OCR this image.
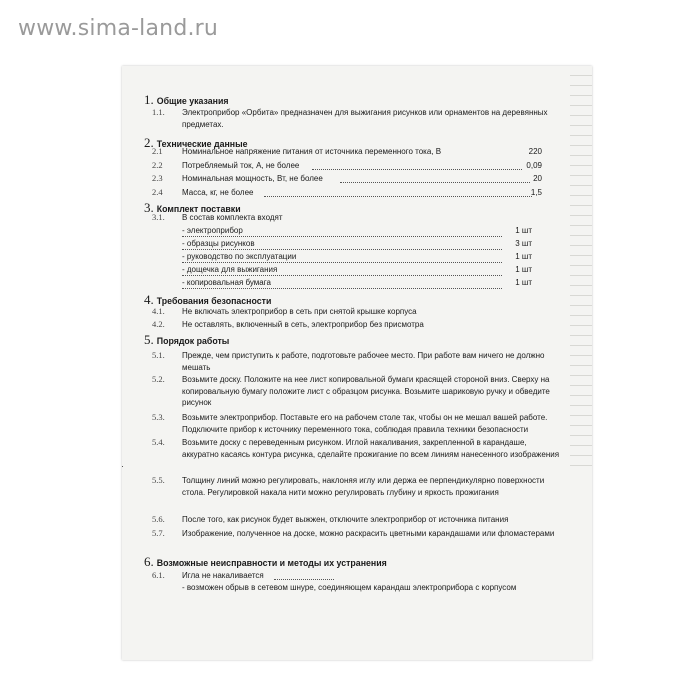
www.sima-land.ru
1. Общие указания
1.1. Электроприбор «Орбита» предназначен для выжигания рисунков или орнаментов на деревянных предметах.
2. Технические данные
2.1 Номинальное напряжение питания от источника переменного тока, В	220
2.2 Потребляемый ток, А, не более	0,09
2.3 Номинальная мощность, Вт, не более	20
2.4 Масса, кг, не более	1,5
3. Комплект поставки
3.1. В состав комплекта входят
- электроприбор	1 шт
- образцы рисунков	3 шт
- руководство по эксплуатации	1 шт
- дощечка для выжигания	1 шт
- копировальная бумага	1 шт
4. Требования безопасности
4.1. Не включать электроприбор в сеть при снятой крышке корпуса
4.2. Не оставлять, включенный в сеть, электроприбор без присмотра
5. Порядок работы
5.1. Прежде, чем приступить к работе, подготовьте рабочее место. При работе вам ничего не должно мешать
5.2. Возьмите доску. Положите на нее лист копировальной бумаги красящей стороной вниз. Сверху на копировальную бумагу положите лист с образцом рисунка. Возьмите шариковую ручку и обведите рисунок
5.3. Возьмите электроприбор. Поставьте его на рабочем столе так, чтобы он не мешал вашей работе. Подключите прибор к источнику переменного тока, соблюдая правила техники безопасности
5.4. Возьмите доску с переведенным рисунком. Иглой накаливания, закрепленной в карандаше, аккуратно касаясь контура рисунка, сделайте прожигание по всем линиям нанесенного изображения
5.5. Толщину линий можно регулировать, наклоняя иглу или держа ее перпендикулярно поверхности стола. Регулировкой накала нити можно регулировать глубину и яркость прожигания
5.6. После того, как рисунок будет выжжен, отключите электроприбор от источника питания
5.7. Изображение, полученное на доске, можно раскрасить цветными карандашами или фломастерами
6. Возможные неисправности и методы их устранения
6.1. Игла не накаливается
- возможен обрыв в сетевом шнуре, соединяющем карандаш электроприбора с корпусом
